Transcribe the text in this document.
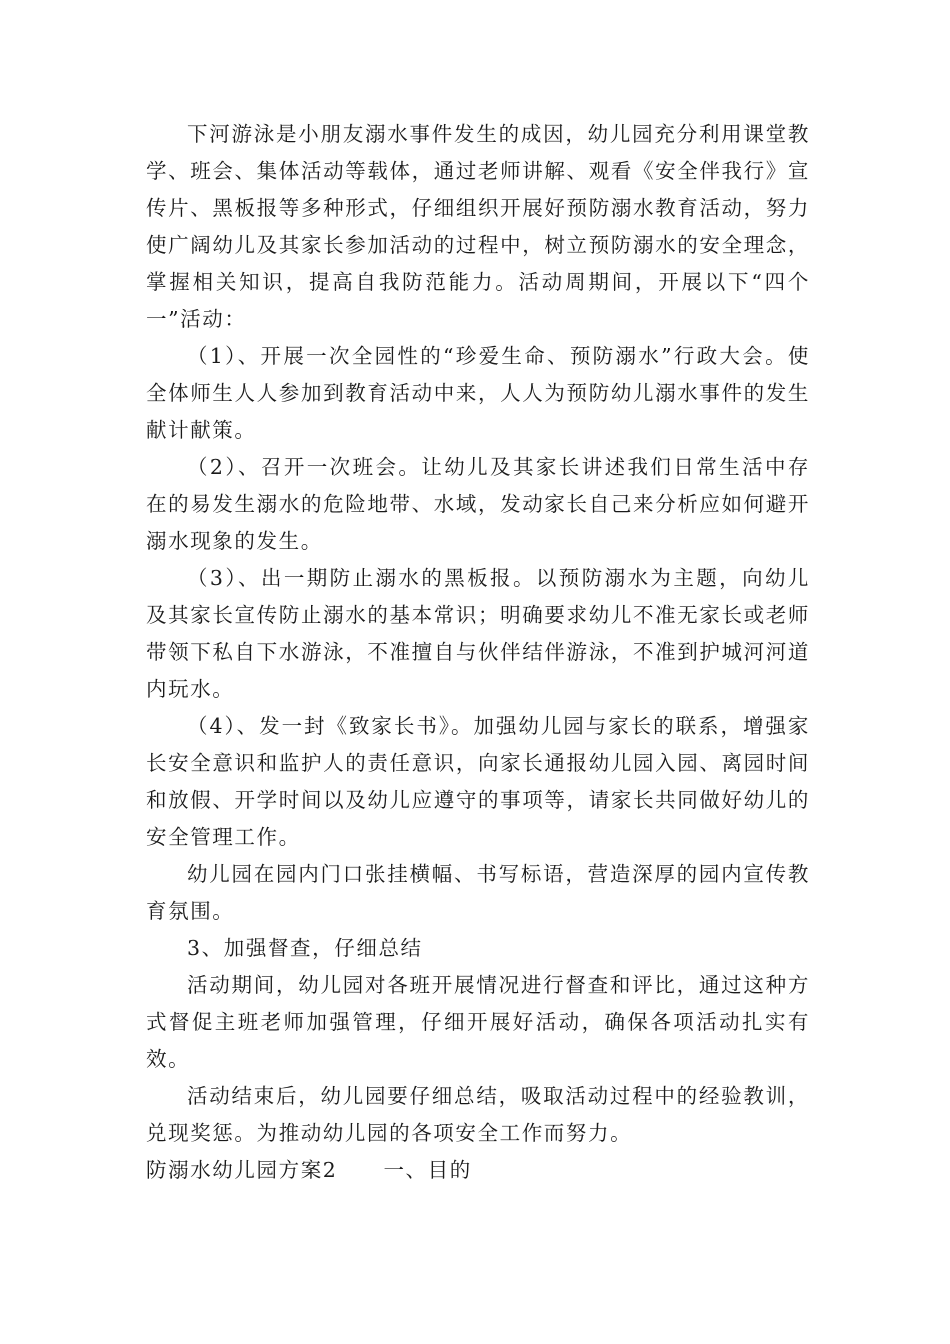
下河游泳是小朋友溺水事件发生的成因，幼儿园充分利用课堂教学、班会、集体活动等载体，通过老师讲解、观看《安全伴我行》宣传片、黑板报等多种形式，仔细组织开展好预防溺水教育活动，努力使广阔幼儿及其家长参加活动的过程中，树立预防溺水的安全理念，掌握相关知识，提高自我防范能力。活动周期间，开展以下“四个一”活动：

（1）、开展一次全园性的“珍爱生命、预防溺水”行政大会。使全体师生人人参加到教育活动中来，人人为预防幼儿溺水事件的发生献计献策。

（2）、召开一次班会。让幼儿及其家长讲述我们日常生活中存在的易发生溺水的危险地带、水域，发动家长自己来分析应如何避开溺水现象的发生。

（3）、出一期防止溺水的黑板报。以预防溺水为主题，向幼儿及其家长宣传防止溺水的基本常识；明确要求幼儿不准无家长或老师带领下私自下水游泳，不准擅自与伙伴结伴游泳，不准到护城河河道内玩水。

（4）、发一封《致家长书》。加强幼儿园与家长的联系，增强家长安全意识和监护人的责任意识，向家长通报幼儿园入园、离园时间和放假、开学时间以及幼儿应遵守的事项等，请家长共同做好幼儿的安全管理工作。

幼儿园在园内门口张挂横幅、书写标语，营造深厚的园内宣传教育氛围。

3、加强督查，仔细总结

活动期间，幼儿园对各班开展情况进行督查和评比，通过这种方式督促主班老师加强管理，仔细开展好活动，确保各项活动扎实有效。

活动结束后，幼儿园要仔细总结，吸取活动过程中的经验教训，兑现奖惩。为推动幼儿园的各项安全工作而努力。

防溺水幼儿园方案2 一、目的
